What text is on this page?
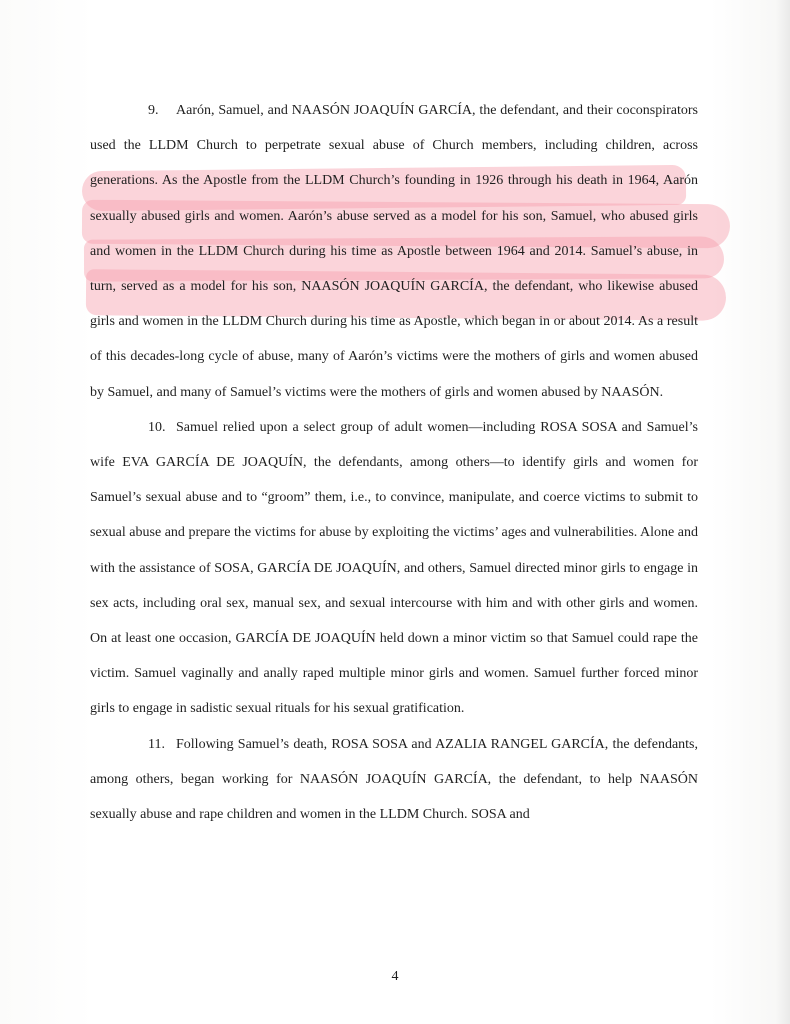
9. Aarón, Samuel, and NAASÓN JOAQUÍN GARCÍA, the defendant, and their coconspirators used the LLDM Church to perpetrate sexual abuse of Church members, including children, across generations. As the Apostle from the LLDM Church’s founding in 1926 through his death in 1964, Aarón sexually abused girls and women. Aarón’s abuse served as a model for his son, Samuel, who abused girls and women in the LLDM Church during his time as Apostle between 1964 and 2014. Samuel’s abuse, in turn, served as a model for his son, NAASÓN JOAQUÍN GARCÍA, the defendant, who likewise abused girls and women in the LLDM Church during his time as Apostle, which began in or about 2014. As a result of this decades-long cycle of abuse, many of Aarón’s victims were the mothers of girls and women abused by Samuel, and many of Samuel’s victims were the mothers of girls and women abused by NAASÓN.

10. Samuel relied upon a select group of adult women—including ROSA SOSA and Samuel’s wife EVA GARCÍA DE JOAQUÍN, the defendants, among others—to identify girls and women for Samuel’s sexual abuse and to “groom” them, i.e., to convince, manipulate, and coerce victims to submit to sexual abuse and prepare the victims for abuse by exploiting the victims’ ages and vulnerabilities. Alone and with the assistance of SOSA, GARCÍA DE JOAQUÍN, and others, Samuel directed minor girls to engage in sex acts, including oral sex, manual sex, and sexual intercourse with him and with other girls and women. On at least one occasion, GARCÍA DE JOAQUÍN held down a minor victim so that Samuel could rape the victim. Samuel vaginally and anally raped multiple minor girls and women. Samuel further forced minor girls to engage in sadistic sexual rituals for his sexual gratification.

11. Following Samuel’s death, ROSA SOSA and AZALIA RANGEL GARCÍA, the defendants, among others, began working for NAASÓN JOAQUÍN GARCÍA, the defendant, to help NAASÓN sexually abuse and rape children and women in the LLDM Church. SOSA and

4
